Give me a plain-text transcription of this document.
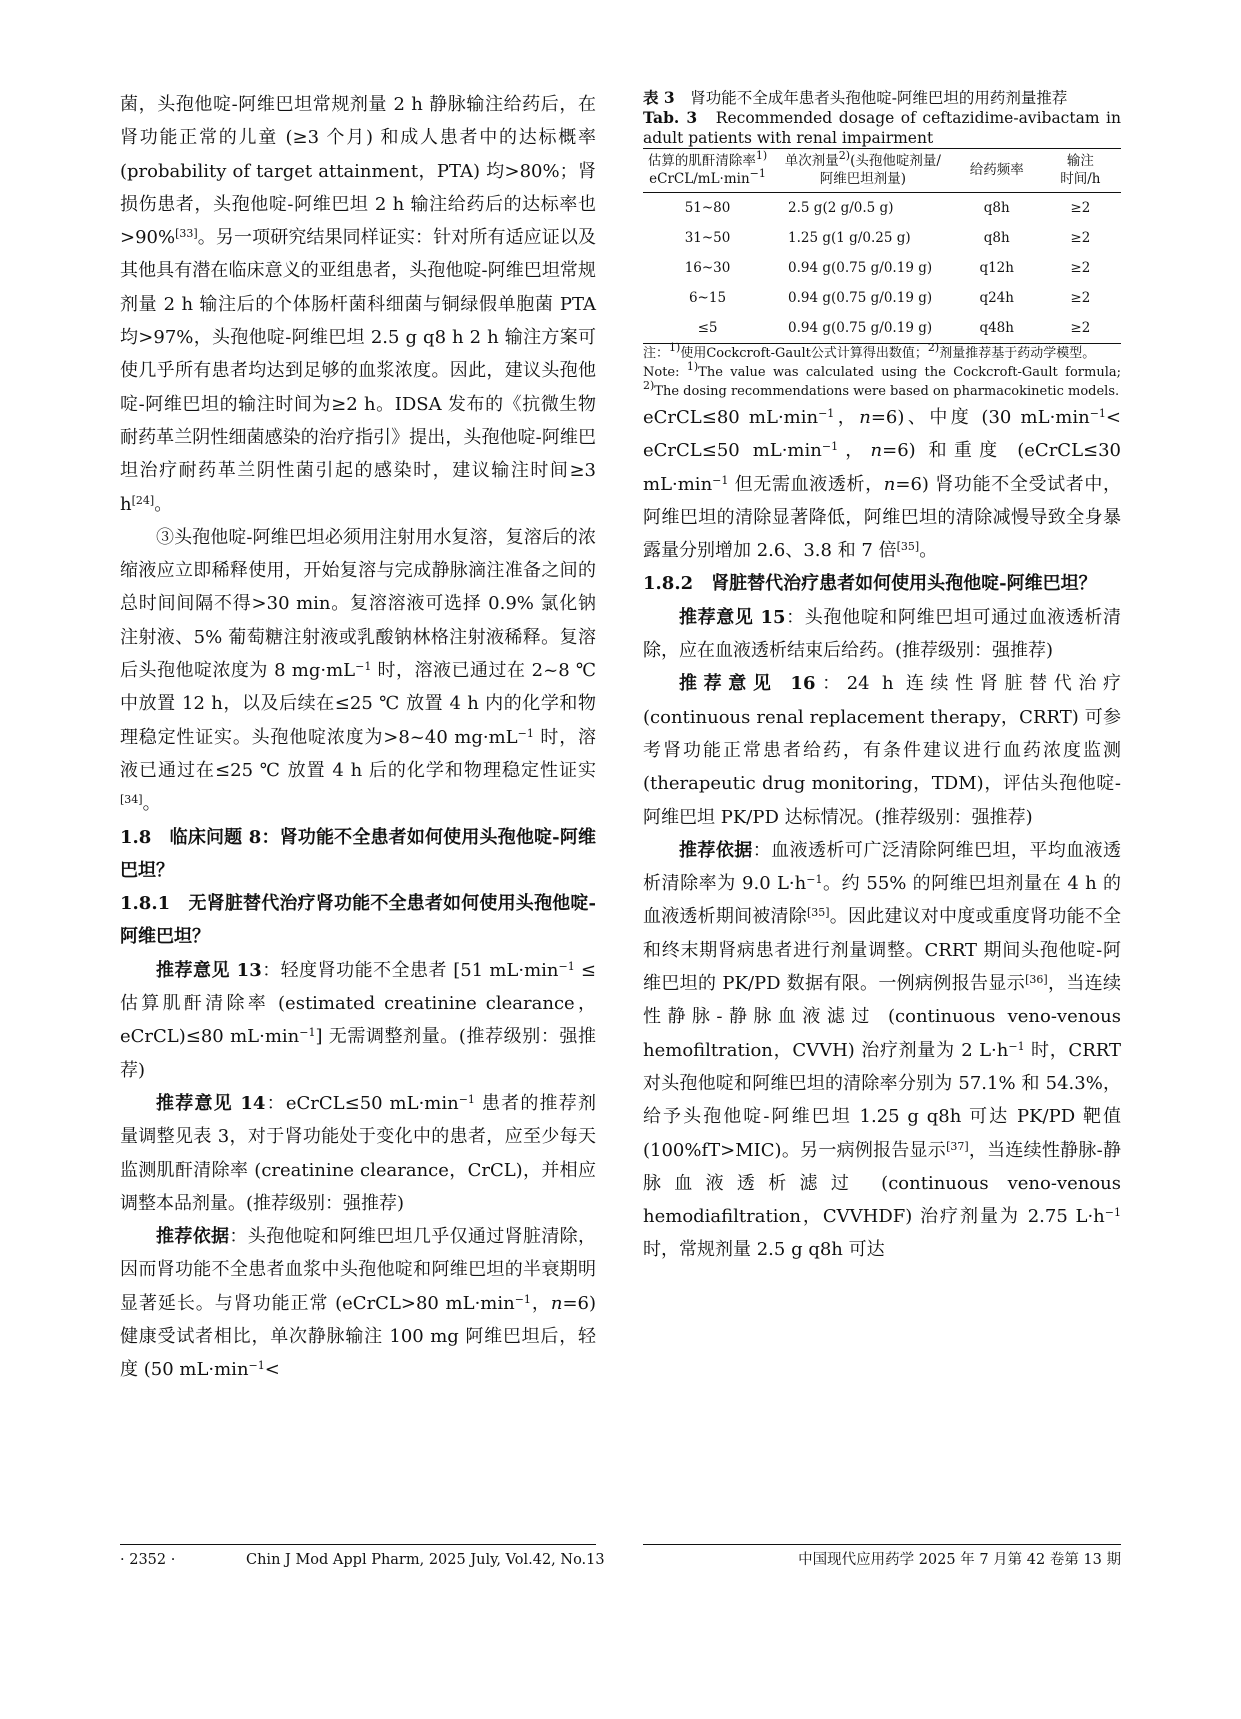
菌，头孢他啶-阿维巴坦常规剂量 2 h 静脉输注给药后，在肾功能正常的儿童 (≥3 个月) 和成人患者中的达标概率 (probability of target attainment，PTA) 均>80%；肾损伤患者，头孢他啶-阿维巴坦 2 h 输注给药后的达标率也>90%[33]。另一项研究结果同样证实：针对所有适应证以及其他具有潜在临床意义的亚组患者，头孢他啶-阿维巴坦常规剂量 2 h 输注后的个体肠杆菌科细菌与铜绿假单胞菌 PTA 均>97%，头孢他啶-阿维巴坦 2.5 g q8 h 2 h 输注方案可使几乎所有患者均达到足够的血浆浓度。因此，建议头孢他啶-阿维巴坦的输注时间为≥2 h。IDSA 发布的《抗微生物耐药革兰阴性细菌感染的治疗指引》提出，头孢他啶-阿维巴坦治疗耐药革兰阴性菌引起的感染时，建议输注时间≥3 h[24]。

③头孢他啶-阿维巴坦必须用注射用水复溶，复溶后的浓缩液应立即稀释使用，开始复溶与完成静脉滴注准备之间的总时间间隔不得>30 min。复溶溶液可选择 0.9% 氯化钠注射液、5% 葡萄糖注射液或乳酸钠林格注射液稀释。复溶后头孢他啶浓度为 8 $mg\cdot mL^{-1}$ 时，溶液已通过在 2~8 ℃ 中放置 12 h，以及后续在≤25 ℃ 放置 4 h 内的化学和物理稳定性证实。头孢他啶浓度为>8~40 $mg\cdot mL^{-1}$ 时，溶液已通过在≤25 ℃ 放置 4 h 后的化学和物理稳定性证实[34]。

1.8　临床问题 8：肾功能不全患者如何使用头孢他啶-阿维巴坦？

1.8.1　无肾脏替代治疗肾功能不全患者如何使用头孢他啶-阿维巴坦？

推荐意见 13：轻度肾功能不全患者 [51 $mL\cdot\min^{-1}$ ≤估算肌酐清除率 (estimated creatinine clearance，eCrCL)≤80 $mL\cdot\min^{-1}$] 无需调整剂量。(推荐级别：强推荐)

推荐意见 14：eCrCL≤50 $mL\cdot\min^{-1}$ 患者的推荐剂量调整见表 3，对于肾功能处于变化中的患者，应至少每天监测肌酐清除率 (creatinine clearance，CrCL)，并相应调整本品剂量。(推荐级别：强推荐)

推荐依据：头孢他啶和阿维巴坦几乎仅通过肾脏清除，因而肾功能不全患者血浆中头孢他啶和阿维巴坦的半衰期明显著延长。与肾功能正常 (eCrCL>80 $mL\cdot\min^{-1}$，n=6) 健康受试者相比，单次静脉输注 100 mg 阿维巴坦后，轻度 (50 $mL\cdot\min^{-1}<$

表 3　肾功能不全成年患者头孢他啶-阿维巴坦的用药剂量推荐

Tab. 3　Recommended dosage of ceftazidime-avibactam in adult patients with renal impairment

估算的肌酐清除率$^{1)}$
eCrCL/$mL\cdot\min^{-1}$	单次剂量$^{2)}$(头孢他啶剂量/
阿维巴坦剂量)	给药频率	输注
时间/h
51~80	2.5 g(2 g/0.5 g)	q8h	≥2
31~50	1.25 g(1 g/0.25 g)	q8h	≥2
16~30	0.94 g(0.75 g/0.19 g)	q12h	≥2
6~15	0.94 g(0.75 g/0.19 g)	q24h	≥2
≤5	0.94 g(0.75 g/0.19 g)	q48h	≥2

注：$^{1)}$使用Cockcroft-Gault公式计算得出数值；$^{2)}$剂量推荐基于药动学模型。

Note: $^{1)}$The value was calculated using the Cockcroft-Gault formula; $^{2)}$The dosing recommendations were based on pharmacokinetic models.

eCrCL≤80 $mL\cdot\min^{-1}$，n=6)、中度 (30 $mL\cdot\min^{-1}<$ eCrCL≤50 $mL\cdot\min^{-1}$，n=6) 和重度 (eCrCL≤30 $mL\cdot\min^{-1}$ 但无需血液透析，n=6) 肾功能不全受试者中，阿维巴坦的清除显著降低，阿维巴坦的清除减慢导致全身暴露量分别增加 2.6、3.8 和 7 倍[35]。

1.8.2　肾脏替代治疗患者如何使用头孢他啶-阿维巴坦？

推荐意见 15：头孢他啶和阿维巴坦可通过血液透析清除，应在血液透析结束后给药。(推荐级别：强推荐)

推荐意见 16：24 h 连续性肾脏替代治疗 (continuous renal replacement therapy，CRRT) 可参考肾功能正常患者给药，有条件建议进行血药浓度监测 (therapeutic drug monitoring，TDM)，评估头孢他啶-阿维巴坦 PK/PD 达标情况。(推荐级别：强推荐)

推荐依据：血液透析可广泛清除阿维巴坦，平均血液透析清除率为 9.0 $L\cdot h^{-1}$。约 55% 的阿维巴坦剂量在 4 h 的血液透析期间被清除[35]。因此建议对中度或重度肾功能不全和终末期肾病患者进行剂量调整。CRRT 期间头孢他啶-阿维巴坦的 PK/PD 数据有限。一例病例报告显示[36]，当连续性静脉-静脉血液滤过 (continuous veno-venous hemofiltration，CVVH) 治疗剂量为 2 $L\cdot h^{-1}$ 时，CRRT 对头孢他啶和阿维巴坦的清除率分别为 57.1% 和 54.3%，给予头孢他啶-阿维巴坦 1.25 g q8h 可达 PK/PD 靶值 (100%fT>MIC)。另一病例报告显示[37]，当连续性静脉-静脉血液透析滤过 (continuous veno-venous hemodiafiltration，CVVHDF) 治疗剂量为 2.75 $L\cdot h^{-1}$ 时，常规剂量 2.5 g q8h 可达

· 2352 ·	Chin J Mod Appl Pharm, 2025 July, Vol.42, No.13	中国现代应用药学 2025 年 7 月第 42 卷第 13 期
